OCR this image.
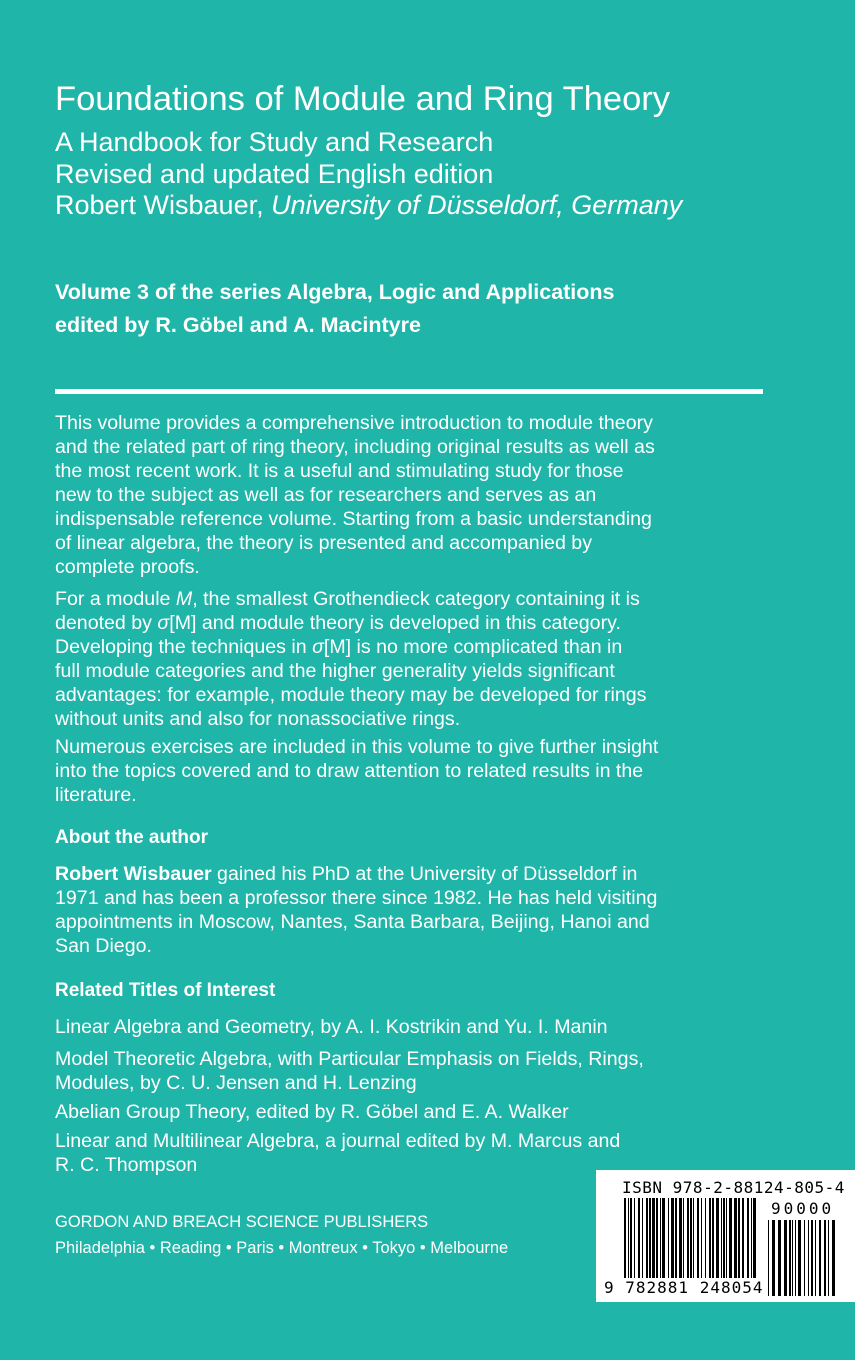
Foundations of Module and Ring Theory
A Handbook for Study and Research
Revised and updated English edition
Robert Wisbauer, University of Düsseldorf, Germany
Volume 3 of the series Algebra, Logic and Applications
edited by R. Göbel and A. Macintyre
This volume provides a comprehensive introduction to module theory
and the related part of ring theory, including original results as well as
the most recent work. It is a useful and stimulating study for those
new to the subject as well as for researchers and serves as an
indispensable reference volume. Starting from a basic understanding
of linear algebra, the theory is presented and accompanied by
complete proofs.
For a module M, the smallest Grothendieck category containing it is
denoted by σ[M] and module theory is developed in this category.
Developing the techniques in σ[M] is no more complicated than in
full module categories and the higher generality yields significant
advantages: for example, module theory may be developed for rings
without units and also for nonassociative rings.
Numerous exercises are included in this volume to give further insight
into the topics covered and to draw attention to related results in the
literature.
About the author
Robert Wisbauer gained his PhD at the University of Düsseldorf in
1971 and has been a professor there since 1982. He has held visiting
appointments in Moscow, Nantes, Santa Barbara, Beijing, Hanoi and
San Diego.
Related Titles of Interest
Linear Algebra and Geometry, by A. I. Kostrikin and Yu. I. Manin
Model Theoretic Algebra, with Particular Emphasis on Fields, Rings,
Modules, by C. U. Jensen and H. Lenzing
Abelian Group Theory, edited by R. Göbel and E. A. Walker
Linear and Multilinear Algebra, a journal edited by M. Marcus and
R. C. Thompson
GORDON AND BREACH SCIENCE PUBLISHERS
Philadelphia • Reading • Paris • Montreux • Tokyo • Melbourne
ISBN 978-2-88124-805-4
90000
9 782881 248054
